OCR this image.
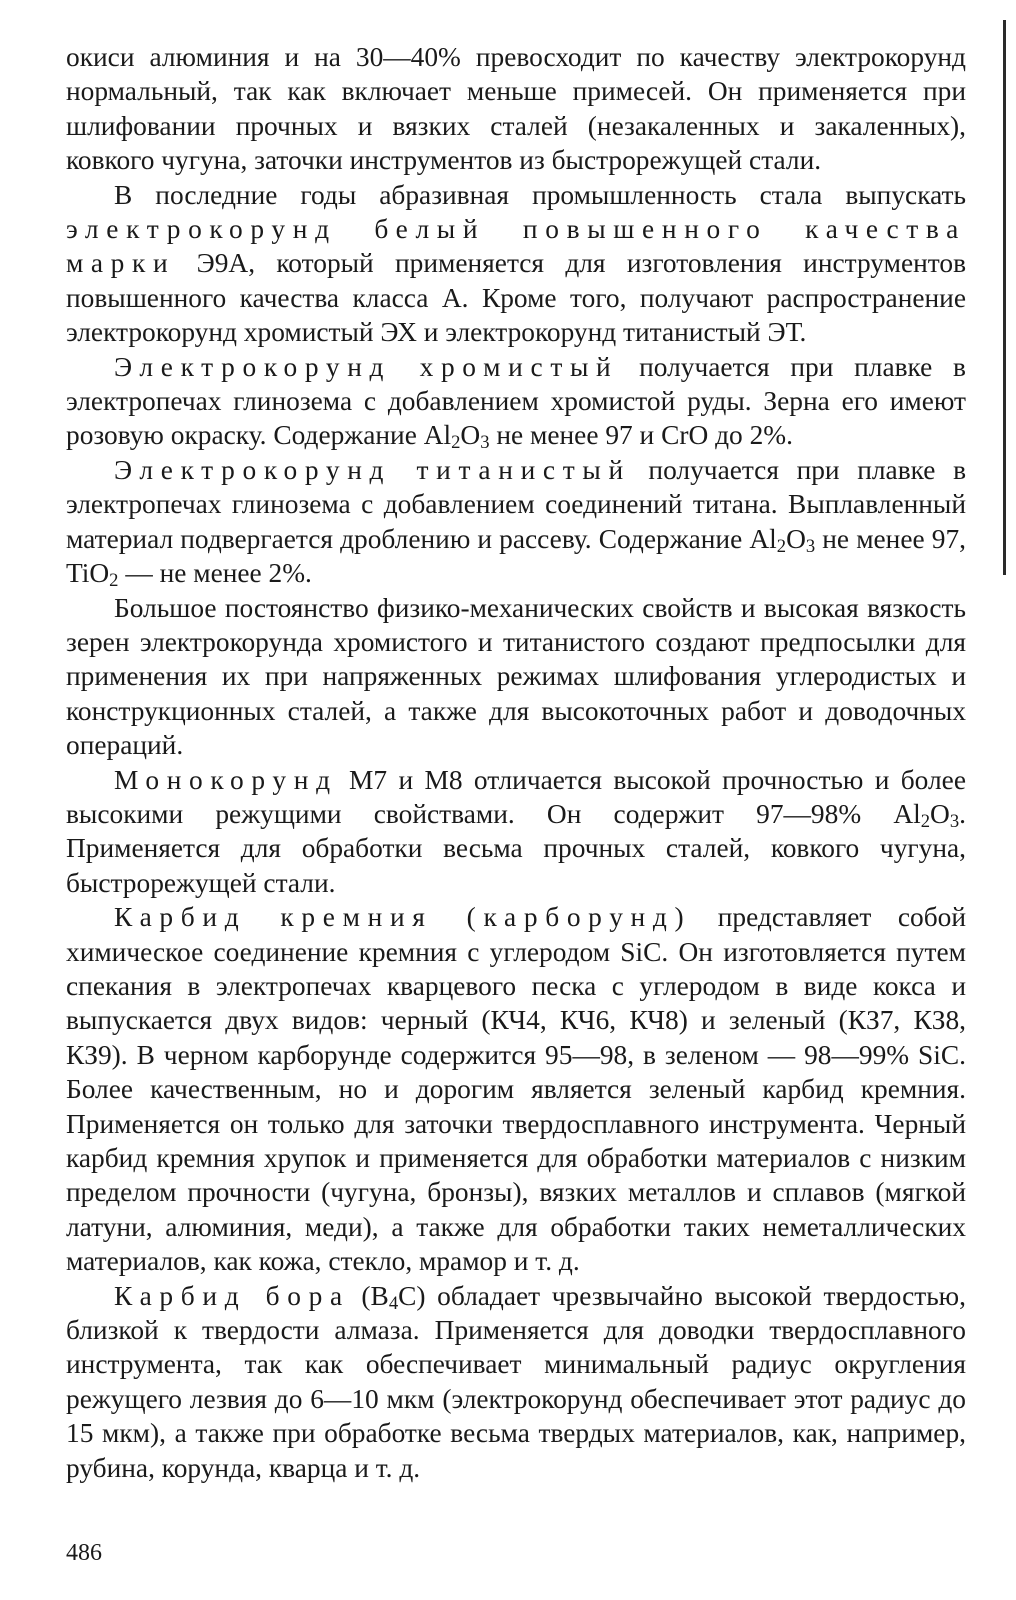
окиси алюминия и на 30—40% превосходит по качеству электрокорунд нормальный, так как включает меньше примесей. Он применяется при шлифовании прочных и вязких сталей (незакаленных и закаленных), ковкого чугуна, заточки инструментов из быстрорежущей стали.

В последние годы абразивная промышленность стала выпускать электрокорунд белый повышенного качества марки Э9А, который применяется для изготовления инструментов повышенного качества класса А. Кроме того, получают распространение электрокорунд хромистый ЭХ и электрокорунд титанистый ЭТ.

Электрокорунд хромистый получается при плавке в электропечах глинозема с добавлением хромистой руды. Зерна его имеют розовую окраску. Содержание $Al_2O_3$ не менее 97 и CrO до 2%.

Электрокорунд титанистый получается при плавке в электропечах глинозема с добавлением соединений титана. Выплавленный материал подвергается дроблению и рассеву. Содержание $Al_2O_3$ не менее 97, TiO$_2$ — не менее 2%.

Большое постоянство физико-механических свойств и высокая вязкость зерен электрокорунда хромистого и титанистого создают предпосылки для применения их при напряженных режимах шлифования углеродистых и конструкционных сталей, а также для высокоточных работ и доводочных операций.

Монокорунд М7 и М8 отличается высокой прочностью и более высокими режущими свойствами. Он содержит 97—98% $Al_2O_3$. Применяется для обработки весьма прочных сталей, ковкого чугуна, быстрорежущей стали.

Карбид кремния (карборунд) представляет собой химическое соединение кремния с углеродом SiC. Он изготовляется путем спекания в электропечах кварцевого песка с углеродом в виде кокса и выпускается двух видов: черный (КЧ4, КЧ6, КЧ8) и зеленый (КЗ7, КЗ8, КЗ9). В черном карборунде содержится 95—98, в зеленом — 98—99% SiC. Более качественным, но и дорогим является зеленый карбид кремния. Применяется он только для заточки твердосплавного инструмента. Черный карбид кремния хрупок и применяется для обработки материалов с низким пределом прочности (чугуна, бронзы), вязких металлов и сплавов (мягкой латуни, алюминия, меди), а также для обработки таких неметаллических материалов, как кожа, стекло, мрамор и т. д.

Карбид бора $(B_4C)$ обладает чрезвычайно высокой твердостью, близкой к твердости алмаза. Применяется для доводки твердосплавного инструмента, так как обеспечивает минимальный радиус округления режущего лезвия до 6—10 мкм (электрокорунд обеспечивает этот радиус до 15 мкм), а также при обработке весьма твердых материалов, как, например, рубина, корунда, кварца и т. д.

486
